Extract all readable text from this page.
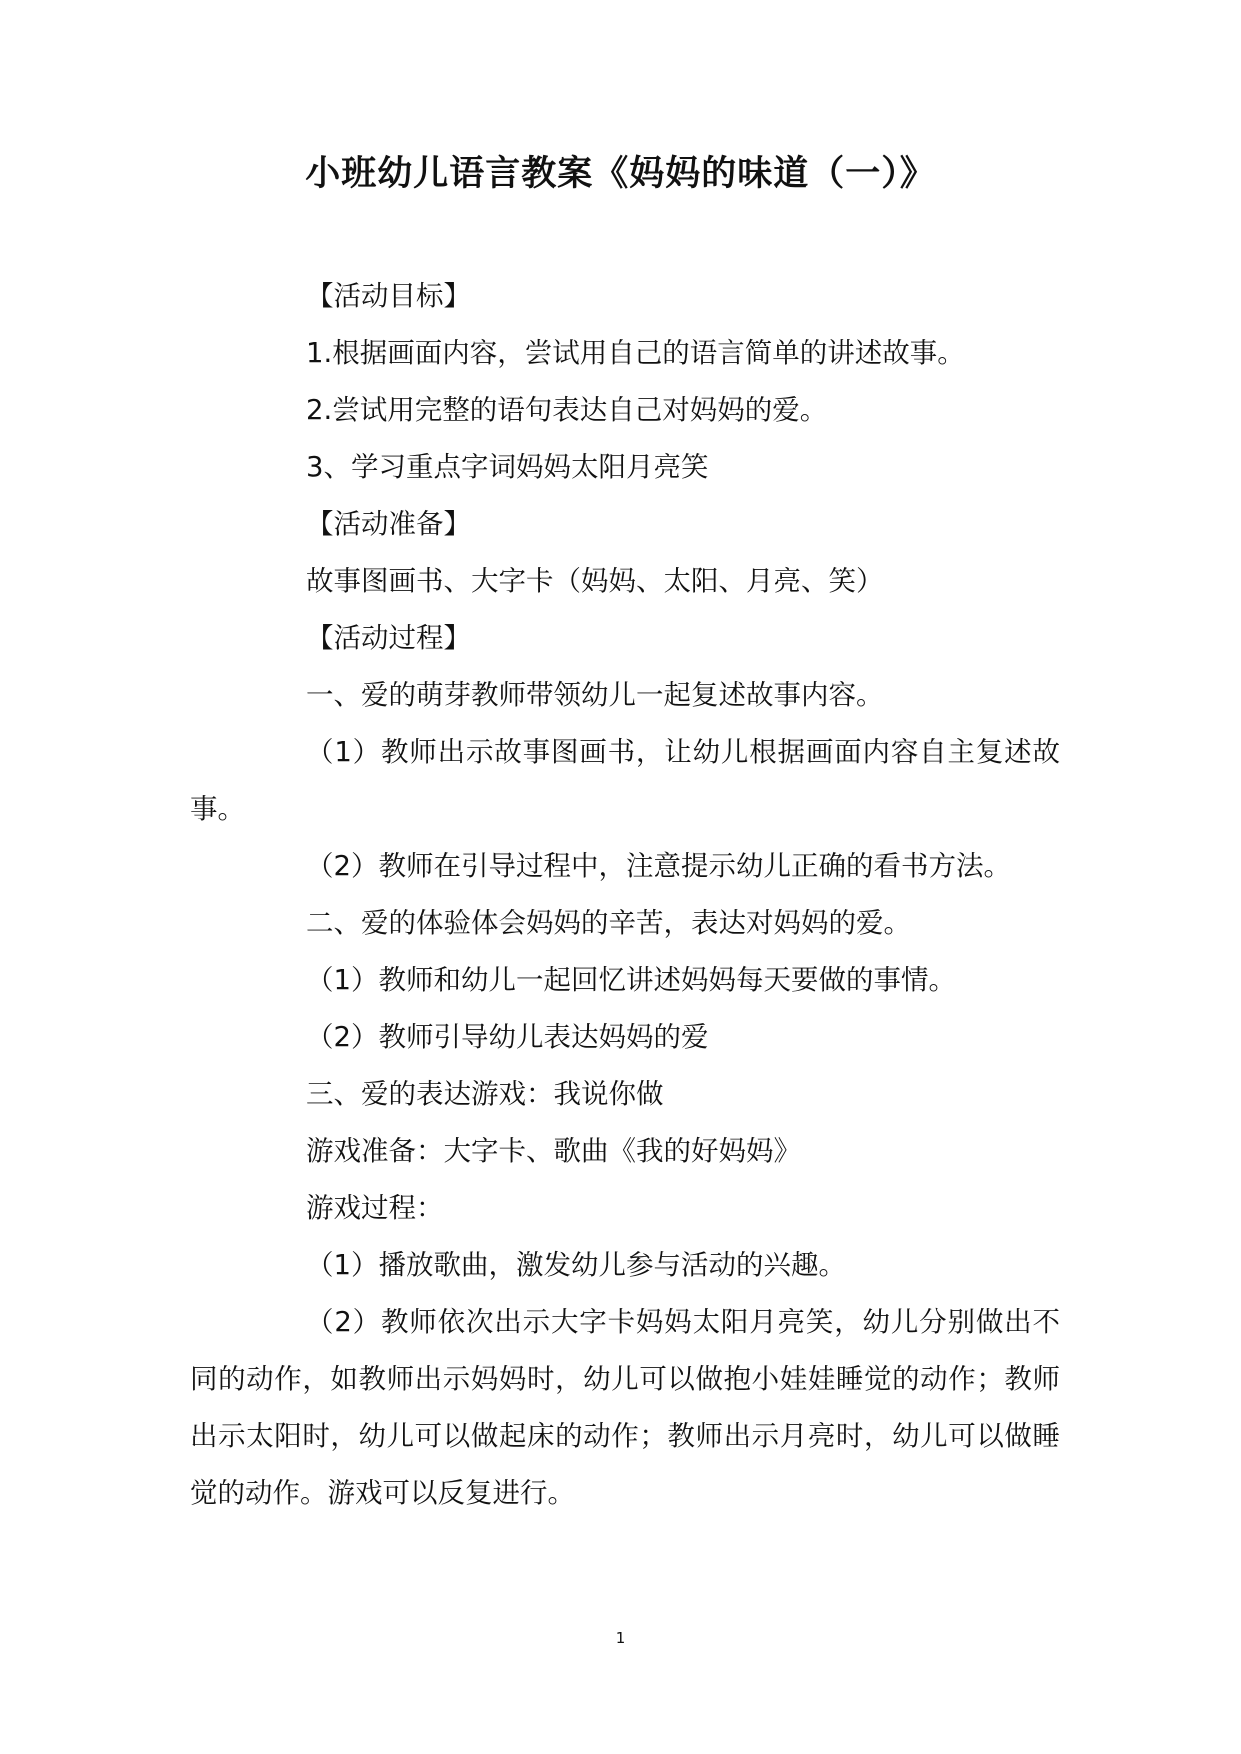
小班幼儿语言教案《妈妈的味道（一）》

【活动目标】

1.根据画面内容，尝试用自己的语言简单的讲述故事。

2.尝试用完整的语句表达自己对妈妈的爱。

3、学习重点字词妈妈太阳月亮笑

【活动准备】

故事图画书、大字卡（妈妈、太阳、月亮、笑）

【活动过程】

一、爱的萌芽教师带领幼儿一起复述故事内容。

（1）教师出示故事图画书，让幼儿根据画面内容自主复述故事。

（2）教师在引导过程中，注意提示幼儿正确的看书方法。

二、爱的体验体会妈妈的辛苦，表达对妈妈的爱。

（1）教师和幼儿一起回忆讲述妈妈每天要做的事情。

（2）教师引导幼儿表达妈妈的爱

三、爱的表达游戏：我说你做

游戏准备：大字卡、歌曲《我的好妈妈》

游戏过程：

（1）播放歌曲，激发幼儿参与活动的兴趣。

（2）教师依次出示大字卡妈妈太阳月亮笑，幼儿分别做出不同的动作，如教师出示妈妈时，幼儿可以做抱小娃娃睡觉的动作；教师出示太阳时，幼儿可以做起床的动作；教师出示月亮时，幼儿可以做睡觉的动作。游戏可以反复进行。

1
